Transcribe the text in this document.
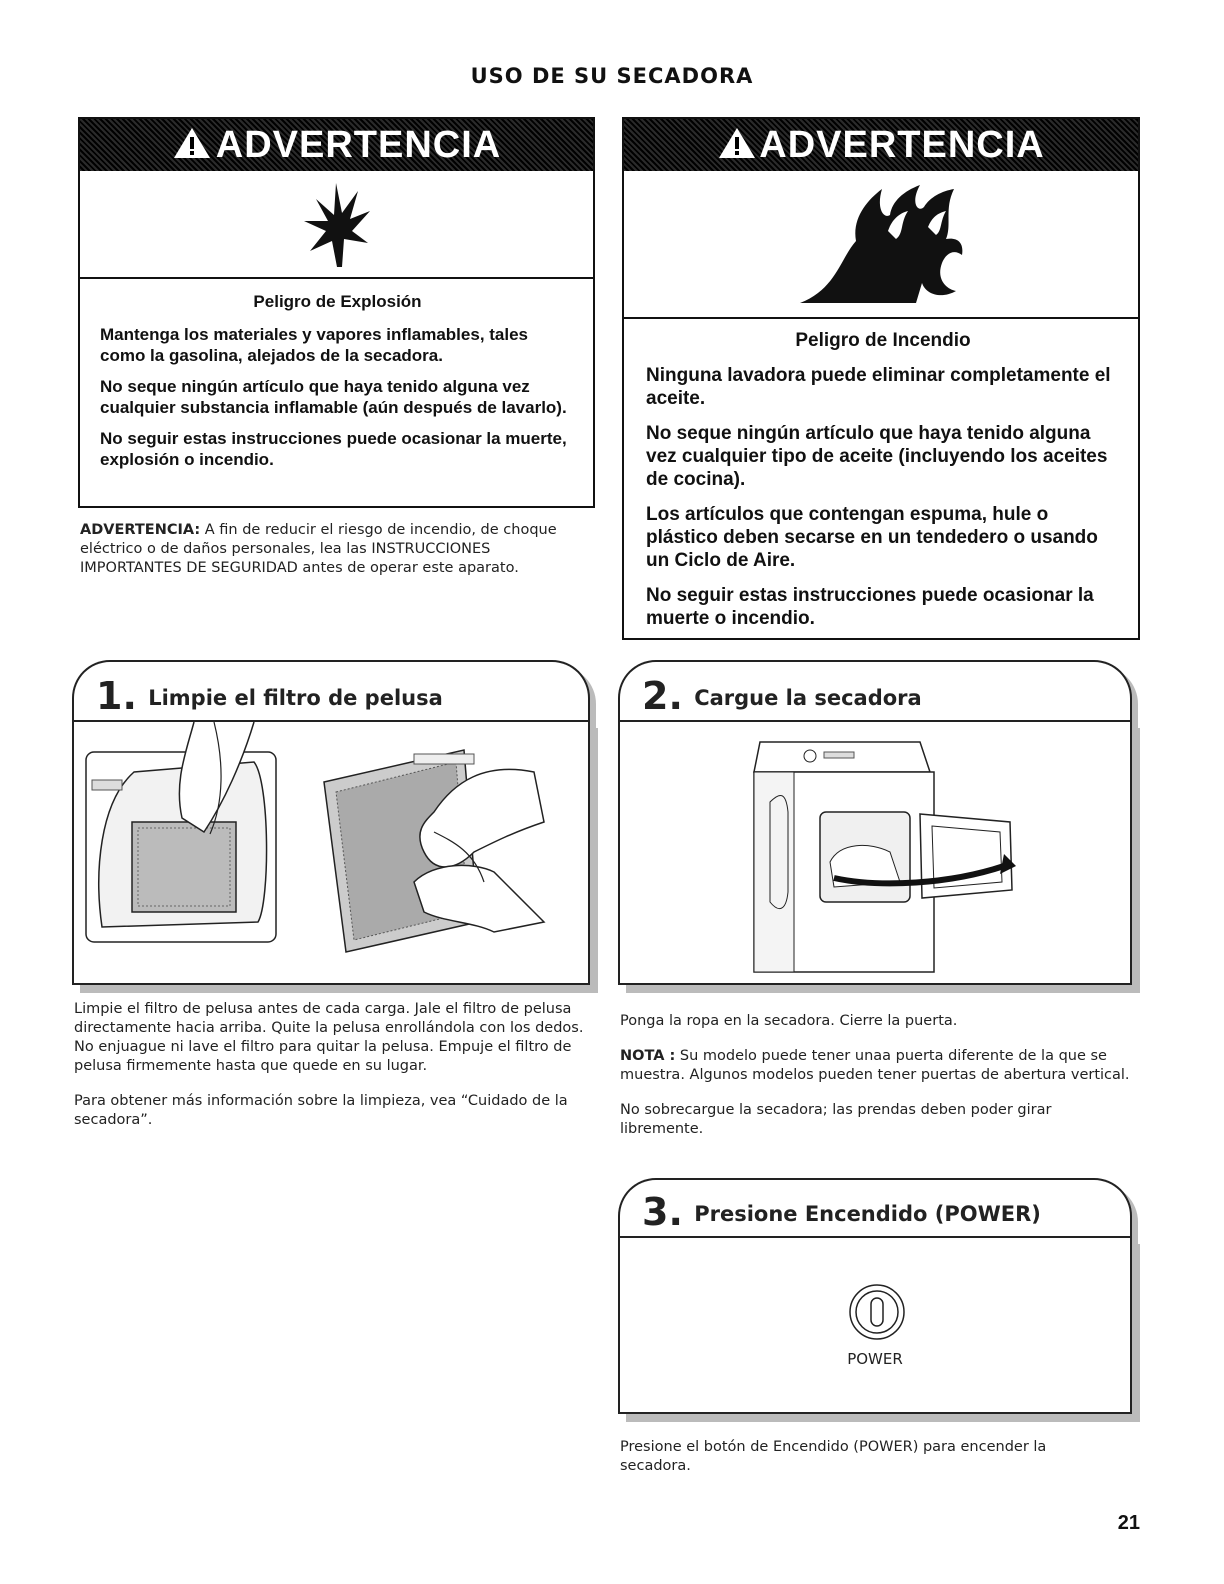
USO DE SU SECADORA
ADVERTENCIA

Peligro de Explosión

Mantenga los materiales y vapores inflamables, tales como la gasolina, alejados de la secadora.

No seque ningún artículo que haya tenido alguna vez cualquier substancia inflamable (aún después de lavarlo).

No seguir estas instrucciones puede ocasionar la muerte, explosión o incendio.

ADVERTENCIA: A fin de reducir el riesgo de incendio, de choque eléctrico o de daños personales, lea las INSTRUCCIONES IMPORTANTES DE SEGURIDAD antes de operar este aparato.
ADVERTENCIA

Peligro de Incendio

Ninguna lavadora puede eliminar completamente el aceite.

No seque ningún artículo que haya tenido alguna vez cualquier tipo de aceite (incluyendo los aceites de cocina).

Los artículos que contengan espuma, hule o plástico deben secarse en un tendedero o usando un Ciclo de Aire.

No seguir estas instrucciones puede ocasionar la muerte o incendio.

1. Limpie el filtro de pelusa

Limpie el filtro de pelusa antes de cada carga. Jale el filtro de pelusa directamente hacia arriba. Quite la pelusa enrollándola con los dedos. No enjuague ni lave el filtro para quitar la pelusa. Empuje el filtro de pelusa firmemente hasta que quede en su lugar.

Para obtener más información sobre la limpieza, vea “Cuidado de la secadora”.

2. Cargue la secadora

Ponga la ropa en la secadora. Cierre la puerta.

NOTA : Su modelo puede tener unaa puerta diferente de la que se muestra. Algunos modelos pueden tener puertas de abertura vertical.

No sobrecargue la secadora; las prendas deben poder girar libremente.

3. Presione Encendido (POWER)
POWER

Presione el botón de Encendido (POWER) para encender la secadora.

21
